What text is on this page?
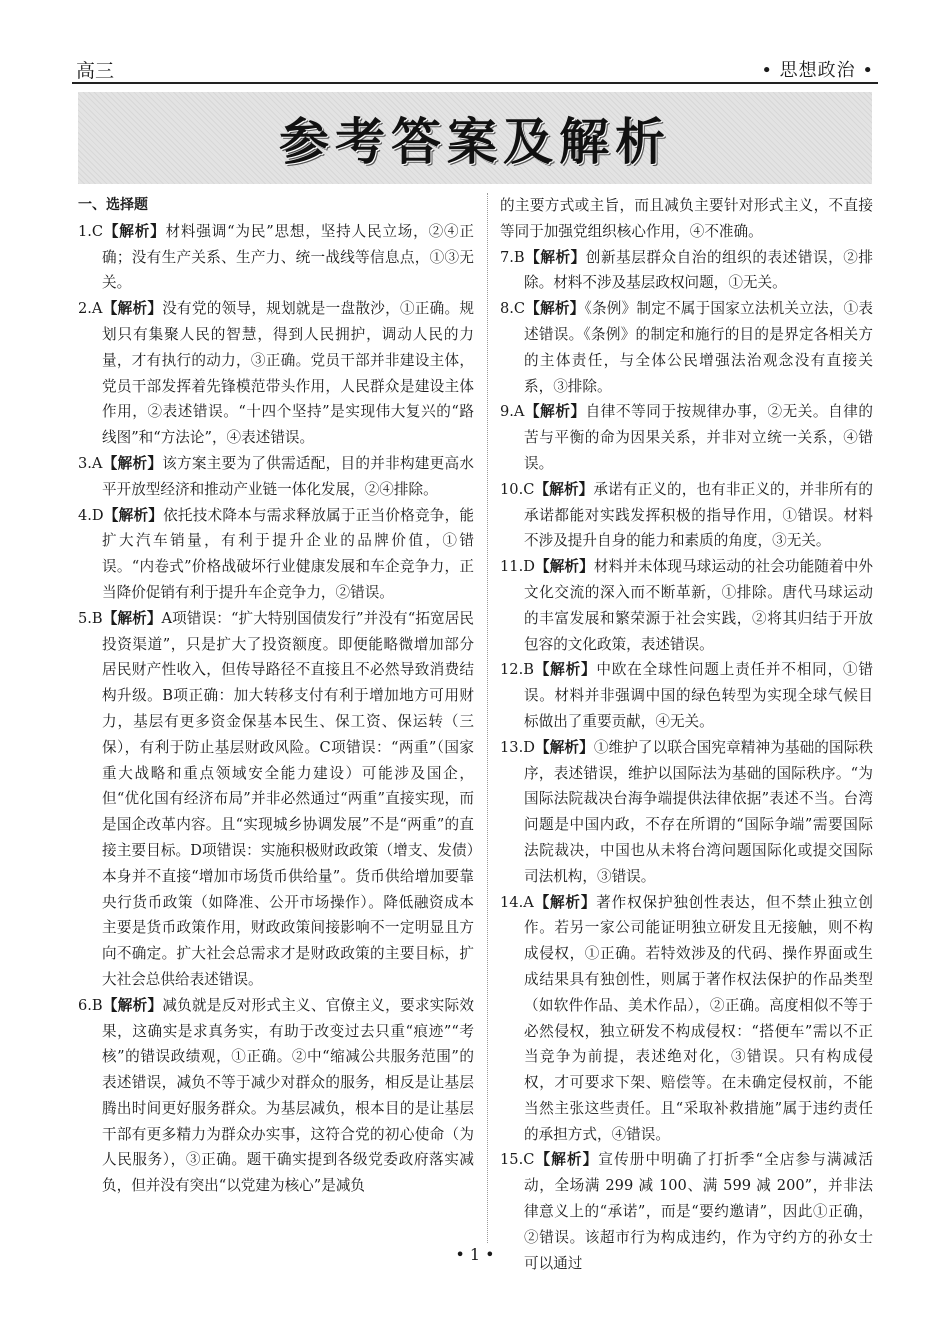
高三	• 思想政治 •
参考答案及解析
一、选择题

1.C【解析】材料强调“为民”思想，坚持人民立场，②④正确；没有生产关系、生产力、统一战线等信息点，①③无关。

2.A【解析】没有党的领导，规划就是一盘散沙，①正确。规划只有集聚人民的智慧，得到人民拥护，调动人民的力量，才有执行的动力，③正确。党员干部并非建设主体，党员干部发挥着先锋模范带头作用，人民群众是建设主体作用，②表述错误。“十四个坚持”是实现伟大复兴的“路线图”和“方法论”，④表述错误。

3.A【解析】该方案主要为了供需适配，目的并非构建更高水平开放型经济和推动产业链一体化发展，②④排除。

4.D【解析】依托技术降本与需求释放属于正当价格竞争，能扩大汽车销量，有利于提升企业的品牌价值，①错误。“内卷式”价格战破坏行业健康发展和车企竞争力，正当降价促销有利于提升车企竞争力，②错误。

5.B【解析】A项错误：“扩大特别国债发行”并没有“拓宽居民投资渠道”，只是扩大了投资额度。即便能略微增加部分居民财产性收入，但传导路径不直接且不必然导致消费结构升级。B项正确：加大转移支付有利于增加地方可用财力，基层有更多资金保基本民生、保工资、保运转（三保），有利于防止基层财政风险。C项错误：“两重”（国家重大战略和重点领域安全能力建设）可能涉及国企，但“优化国有经济布局”并非必然通过“两重”直接实现，而是国企改革内容。且“实现城乡协调发展”不是“两重”的直接主要目标。D项错误：实施积极财政政策（增支、发债）本身并不直接“增加市场货币供给量”。货币供给增加要靠央行货币政策（如降准、公开市场操作）。降低融资成本主要是货币政策作用，财政政策间接影响不一定明显且方向不确定。扩大社会总需求才是财政政策的主要目标，扩大社会总供给表述错误。

6.B【解析】减负就是反对形式主义、官僚主义，要求实际效果，这确实是求真务实，有助于改变过去只重“痕迹”“考核”的错误政绩观，①正确。②中“缩减公共服务范围”的表述错误，减负不等于减少对群众的服务，相反是让基层腾出时间更好服务群众。为基层减负，根本目的是让基层干部有更多精力为群众办实事，这符合党的初心使命（为人民服务），③正确。题干确实提到各级党委政府落实减负，但并没有突出“以党建为核心”是减负

的主要方式或主旨，而且减负主要针对形式主义，不直接等同于加强党组织核心作用，④不准确。

7.B【解析】创新基层群众自治的组织的表述错误，②排除。材料不涉及基层政权问题，①无关。

8.C【解析】《条例》制定不属于国家立法机关立法，①表述错误。《条例》的制定和施行的目的是界定各相关方的主体责任，与全体公民增强法治观念没有直接关系，③排除。

9.A【解析】自律不等同于按规律办事，②无关。自律的苦与平衡的命为因果关系，并非对立统一关系，④错误。

10.C【解析】承诺有正义的，也有非正义的，并非所有的承诺都能对实践发挥积极的指导作用，①错误。材料不涉及提升自身的能力和素质的角度，③无关。

11.D【解析】材料并未体现马球运动的社会功能随着中外文化交流的深入而不断革新，①排除。唐代马球运动的丰富发展和繁荣源于社会实践，②将其归结于开放包容的文化政策，表述错误。

12.B【解析】中欧在全球性问题上责任并不相同，①错误。材料并非强调中国的绿色转型为实现全球气候目标做出了重要贡献，④无关。

13.D【解析】①维护了以联合国宪章精神为基础的国际秩序，表述错误，维护以国际法为基础的国际秩序。“为国际法院裁决台海争端提供法律依据”表述不当。台湾问题是中国内政，不存在所谓的“国际争端”需要国际法院裁决，中国也从未将台湾问题国际化或提交国际司法机构，③错误。

14.A【解析】著作权保护独创性表达，但不禁止独立创作。若另一家公司能证明独立研发且无接触，则不构成侵权，①正确。若特效涉及的代码、操作界面或生成结果具有独创性，则属于著作权法保护的作品类型（如软件作品、美术作品），②正确。高度相似不等于必然侵权，独立研发不构成侵权：“搭便车”需以不正当竞争为前提，表述绝对化，③错误。只有构成侵权，才可要求下架、赔偿等。在未确定侵权前，不能当然主张这些责任。且“采取补救措施”属于违约责任的承担方式，④错误。

15.C【解析】宣传册中明确了打折季“全店参与满减活动，全场满 299 减 100、满 599 减 200”，并非法律意义上的“承诺”，而是“要约邀请”，因此①正确，②错误。该超市行为构成违约，作为守约方的孙女士可以通过

• 1 •
